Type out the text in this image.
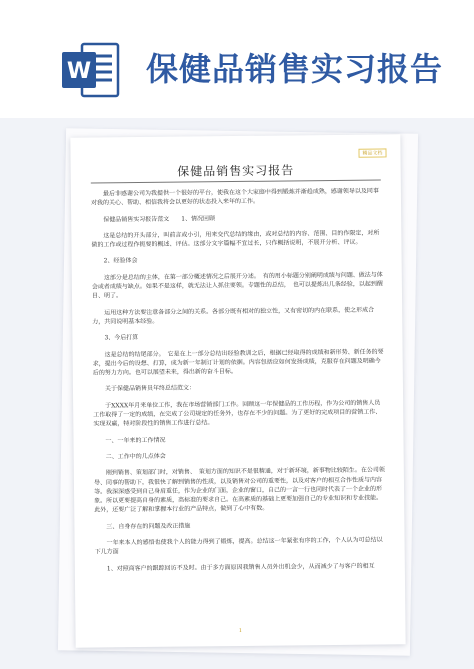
W 保健品销售实习报告
精品文档
保健品销售实习报告

最后非感谢公司为我提供一个很好的平台，使我在这个大家庭中得到锻炼并渐趋成熟，感谢领导以及同事对我的关心、帮助、相信我将会以更好的状态投入来年的工作。

保健品销售实习报告范文　　1、情况回顾

这是总结的开头部分，叫前言或小引，用来交代总结的缘由，或对总结的内容、范围、目的作限定，对所做的工作或过程作扼要的概述、评估。这部分文字篇幅不宜过长，只作概括说明，不展开分析、评议。

2、经验体会

这部分是总结的主体，在第一部分概述情况之后展开分述。　有的用小标题分别阐明成绩与问题、做法与体会或者成绩与缺点。如果不是这样，就无法让人抓住要领。专题性的总结，　也可以提炼出几条经验，以起到醒目、明了。

运用这种方法要注意各部分之间的关系。各部分既有相对的独立性，又有密切的内在联系，使之形成合力，共同说明基本经验。

3、今后打算

这是总结的结尾部分。　它是在上一部分总结出经验教训之后，根据已经取得的成绩和新形势、新任务的要求，提出今后的设想、打算，成为新一年制订计划的依据。内容包括应如何发扬成绩，克服存在问题及明确今后的努力方向。也可以展望未来，得出新的奋斗目标。

关于保健品销售员年终总结范文：

于XXXX年月来单位工作，我在市场营销部门工作。回顾这一年保健品的工作历程，作为公司的销售人员工作取得了一定的成绩，在完成了公司规定的任务外，也存在不少的问题。为了更好的完成项目的营销工作、实现双赢，特对阶段性的销售工作进行总结。

一、一年来的工作情况

二、工作中的几点体会

刚到销售、策划部门时，对销售、　策划方面的知识不是很精通，对于新环境，新事物比较陌生。在公司领导、同事的帮助下，我很快了解到销售的性质，以及销售对公司的重要性，以及对客户的相互合作性质与内容等。我深深感受到自己身肩重任，作为企业的门面，企业的窗口，自己的一言一行也同时代表了一个企业的形象。所以更要提高自身的素质，高标准的要求自己。在高素质的基础上更要加强自己的专业知识和专业技能。此外，还要广泛了解和掌握本行业的产品特点，做到了心中有数。

三、自身存在的问题及改正措施

一年来本人的感悟也使我个人的能力得到了锻炼，提高。总结这一年紧张有序的工作，个人认为可总结以下几方面

1、对照商客户的跟踪回访不及时。由于多方面原因我销售人员外出机会少，从而减少了与客户的相互

1
